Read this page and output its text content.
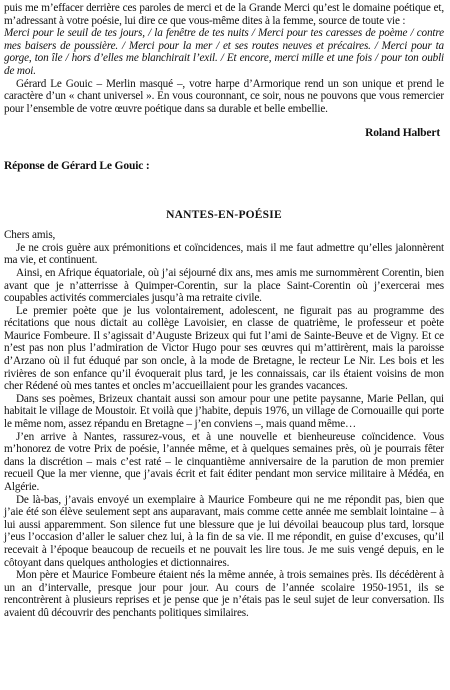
puis me m’effacer derrière ces paroles de merci et de la Grande Merci qu’est le domaine poétique et, m’adressant à votre poésie, lui dire ce que vous-même dites à la femme, source de toute vie :

Merci pour le seuil de tes jours, / la fenêtre de tes nuits / Merci pour tes caresses de poème / contre mes baisers de poussière. / Merci pour la mer / et ses routes neuves et précaires. / Merci pour ta gorge, ton île / hors d’elles me blanchirait l’exil. / Et encore, merci mille et une fois / pour ton oubli de moi.

Gérard Le Gouic – Merlin masqué –, votre harpe d’Armorique rend un son unique et prend le caractère d’un « chant universel ». En vous couronnant, ce soir, nous ne pouvons que vous remercier pour l’ensemble de votre œuvre poétique dans sa durable et belle embellie.

Roland Halbert

Réponse de Gérard Le Gouic :

NANTES-EN-POÉSIE

Chers amis,

Je ne crois guère aux prémonitions et coïncidences, mais il me faut admettre qu’elles jalonnèrent ma vie, et continuent.

Ainsi, en Afrique équatoriale, où j’ai séjourné dix ans, mes amis me surnommèrent Corentin, bien avant que je n’atterrisse à Quimper-Corentin, sur la place Saint-Corentin où j’exercerai mes coupables activités commerciales jusqu’à ma retraite civile.

Le premier poète que je lus volontairement, adolescent, ne figurait pas au programme des récitations que nous dictait au collège Lavoisier, en classe de quatrième, le professeur et poète Maurice Fombeure. Il s’agissait d’Auguste Brizeux qui fut l’ami de Sainte-Beuve et de Vigny. Et ce n’est pas non plus l’admiration de Victor Hugo pour ses œuvres qui m’attirèrent, mais la paroisse d’Arzano où il fut éduqué par son oncle, à la mode de Bretagne, le recteur Le Nir. Les bois et les rivières de son enfance qu’il évoquerait plus tard, je les connaissais, car ils étaient voisins de mon cher Rédené où mes tantes et oncles m’accueillaient pour les grandes vacances.

Dans ses poèmes, Brizeux chantait aussi son amour pour une petite paysanne, Marie Pellan, qui habitait le village de Moustoir. Et voilà que j’habite, depuis 1976, un village de Cornouaille qui porte le même nom, assez répandu en Bretagne – j’en conviens –, mais quand même…

J’en arrive à Nantes, rassurez-vous, et à une nouvelle et bienheureuse coïncidence. Vous m’honorez de votre Prix de poésie, l’année même, et à quelques semaines près, où je pourrais fêter dans la discrétion – mais c’est raté – le cinquantième anniversaire de la parution de mon premier recueil Que la mer vienne, que j’avais écrit et fait éditer pendant mon service militaire à Médéa, en Algérie.

De là-bas, j’avais envoyé un exemplaire à Maurice Fombeure qui ne me répondit pas, bien que j’aie été son élève seulement sept ans auparavant, mais comme cette année me semblait lointaine – à lui aussi apparemment. Son silence fut une blessure que je lui dévoilai beaucoup plus tard, lorsque j’eus l’occasion d’aller le saluer chez lui, à la fin de sa vie. Il me répondit, en guise d’excuses, qu’il recevait à l’époque beaucoup de recueils et ne pouvait les lire tous. Je me suis vengé depuis, en le côtoyant dans quelques anthologies et dictionnaires.

Mon père et Maurice Fombeure étaient nés la même année, à trois semaines près. Ils décédèrent à un an d’intervalle, presque jour pour jour. Au cours de l’année scolaire 1950-1951, ils se rencontrèrent à plusieurs reprises et je pense que je n’étais pas le seul sujet de leur conversation. Ils avaient dû découvrir des penchants politiques similaires.
